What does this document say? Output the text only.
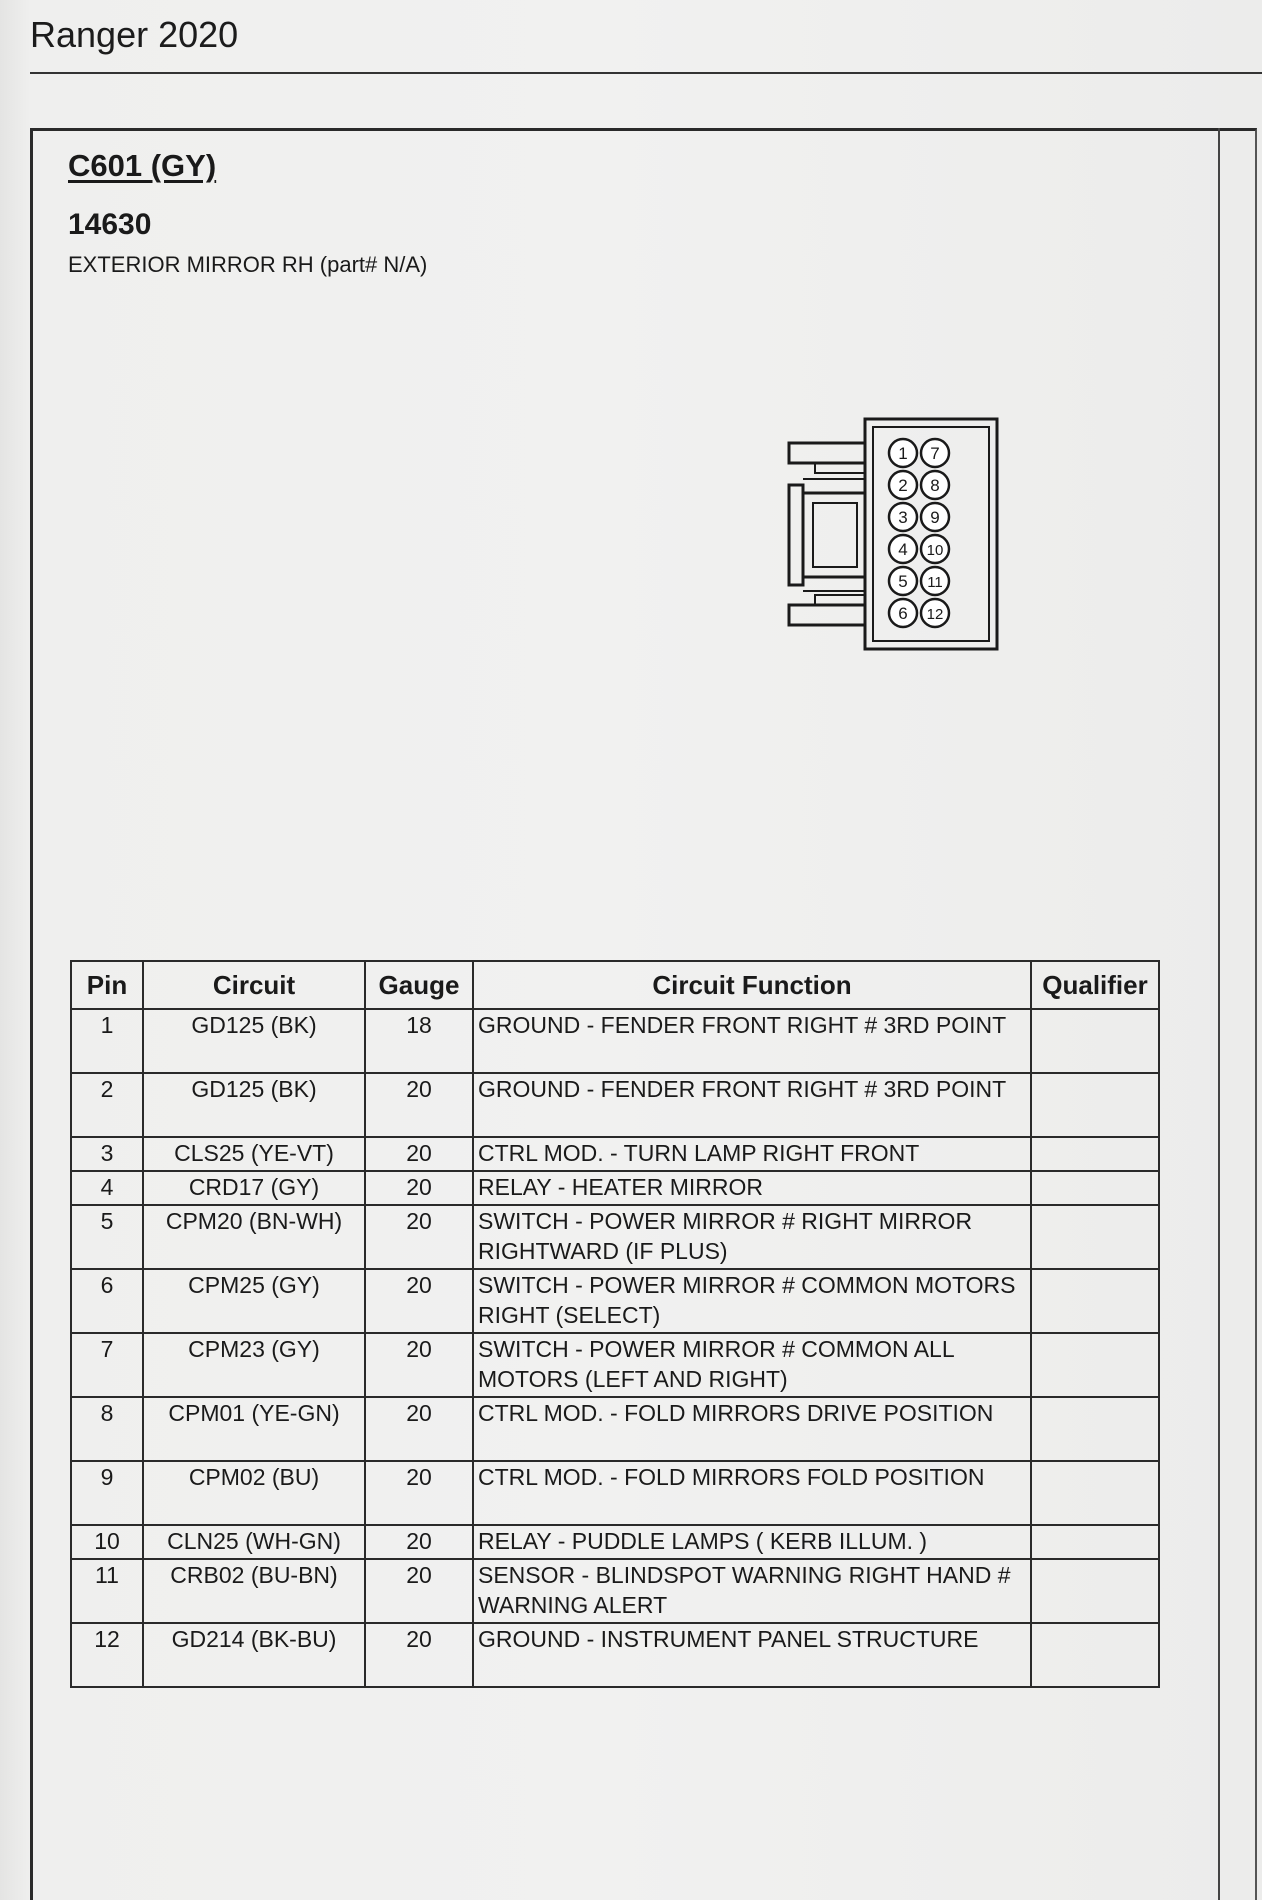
Ranger 2020
C601 (GY)
14630
EXTERIOR MIRROR RH (part# N/A)
1
2
3
4
5
6
7
8
9
10
11
12
Pin	Circuit	Gauge	Circuit Function	Qualifier
1	GD125 (BK)	18	GROUND - FENDER FRONT RIGHT # 3RD POINT	
2	GD125 (BK)	20	GROUND - FENDER FRONT RIGHT # 3RD POINT	
3	CLS25 (YE-VT)	20	CTRL MOD. - TURN LAMP RIGHT FRONT	
4	CRD17 (GY)	20	RELAY - HEATER MIRROR	
5	CPM20 (BN-WH)	20	SWITCH - POWER MIRROR # RIGHT MIRROR RIGHTWARD (IF PLUS)	
6	CPM25 (GY)	20	SWITCH - POWER MIRROR # COMMON MOTORS RIGHT (SELECT)	
7	CPM23 (GY)	20	SWITCH - POWER MIRROR # COMMON ALL MOTORS (LEFT AND RIGHT)	
8	CPM01 (YE-GN)	20	CTRL MOD. - FOLD MIRRORS DRIVE POSITION	
9	CPM02 (BU)	20	CTRL MOD. - FOLD MIRRORS FOLD POSITION	
10	CLN25 (WH-GN)	20	RELAY - PUDDLE LAMPS ( KERB ILLUM. )	
11	CRB02 (BU-BN)	20	SENSOR - BLINDSPOT WARNING RIGHT HAND # WARNING ALERT	
12	GD214 (BK-BU)	20	GROUND - INSTRUMENT PANEL STRUCTURE	
